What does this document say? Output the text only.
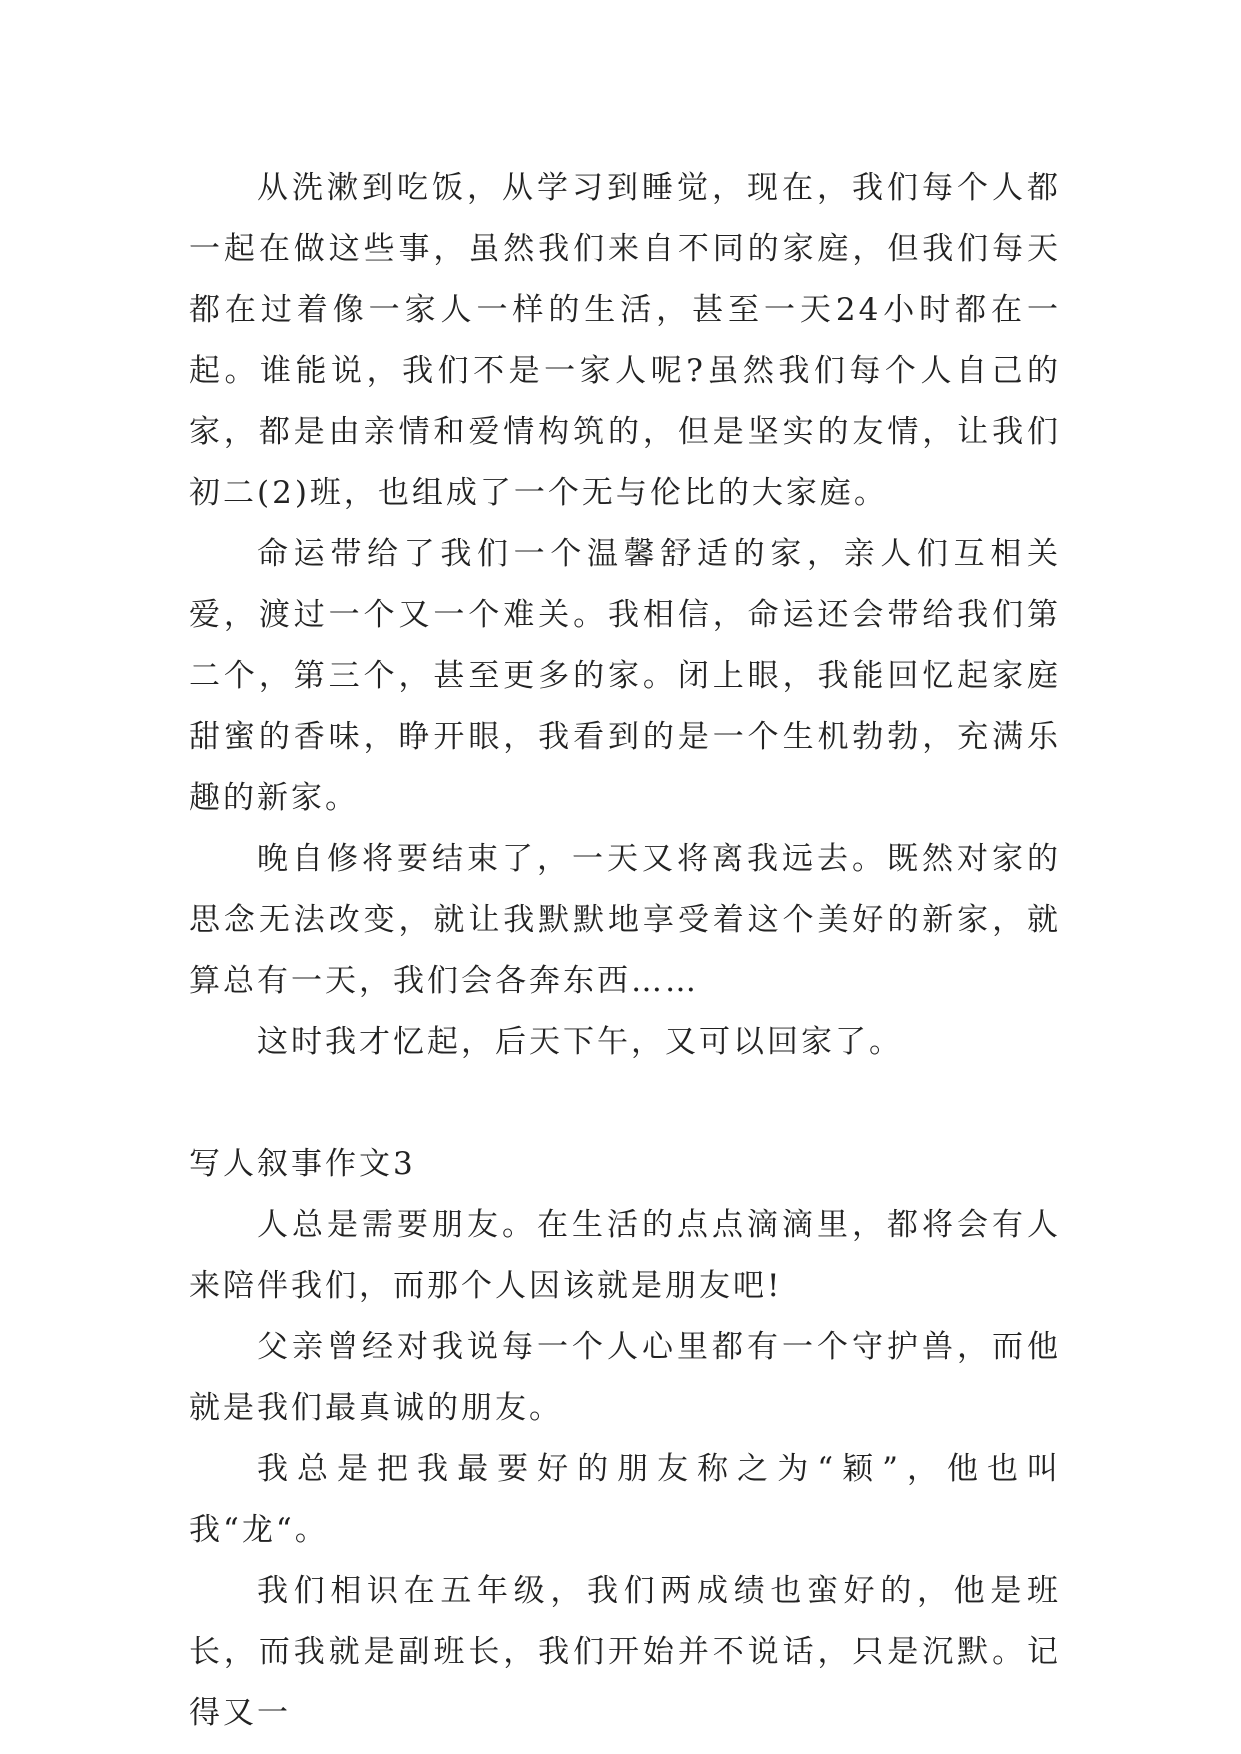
从洗漱到吃饭，从学习到睡觉，现在，我们每个人都一起在做这些事，虽然我们来自不同的家庭，但我们每天都在过着像一家人一样的生活，甚至一天24小时都在一起。谁能说，我们不是一家人呢?虽然我们每个人自己的家，都是由亲情和爱情构筑的，但是坚实的友情，让我们初二(2)班，也组成了一个无与伦比的大家庭。

命运带给了我们一个温馨舒适的家，亲人们互相关爱，渡过一个又一个难关。我相信，命运还会带给我们第二个，第三个，甚至更多的家。闭上眼，我能回忆起家庭甜蜜的香味，睁开眼，我看到的是一个生机勃勃，充满乐趣的新家。

晚自修将要结束了，一天又将离我远去。既然对家的思念无法改变，就让我默默地享受着这个美好的新家，就算总有一天，我们会各奔东西……

这时我才忆起，后天下午，又可以回家了。

写人叙事作文3

人总是需要朋友。在生活的点点滴滴里，都将会有人来陪伴我们，而那个人因该就是朋友吧!

父亲曾经对我说每一个人心里都有一个守护兽，而他就是我们最真诚的朋友。

我总是把我最要好的朋友称之为“颖”，他也叫我“龙“。

我们相识在五年级，我们两成绩也蛮好的，他是班长，而我就是副班长，我们开始并不说话，只是沉默。记得又一
